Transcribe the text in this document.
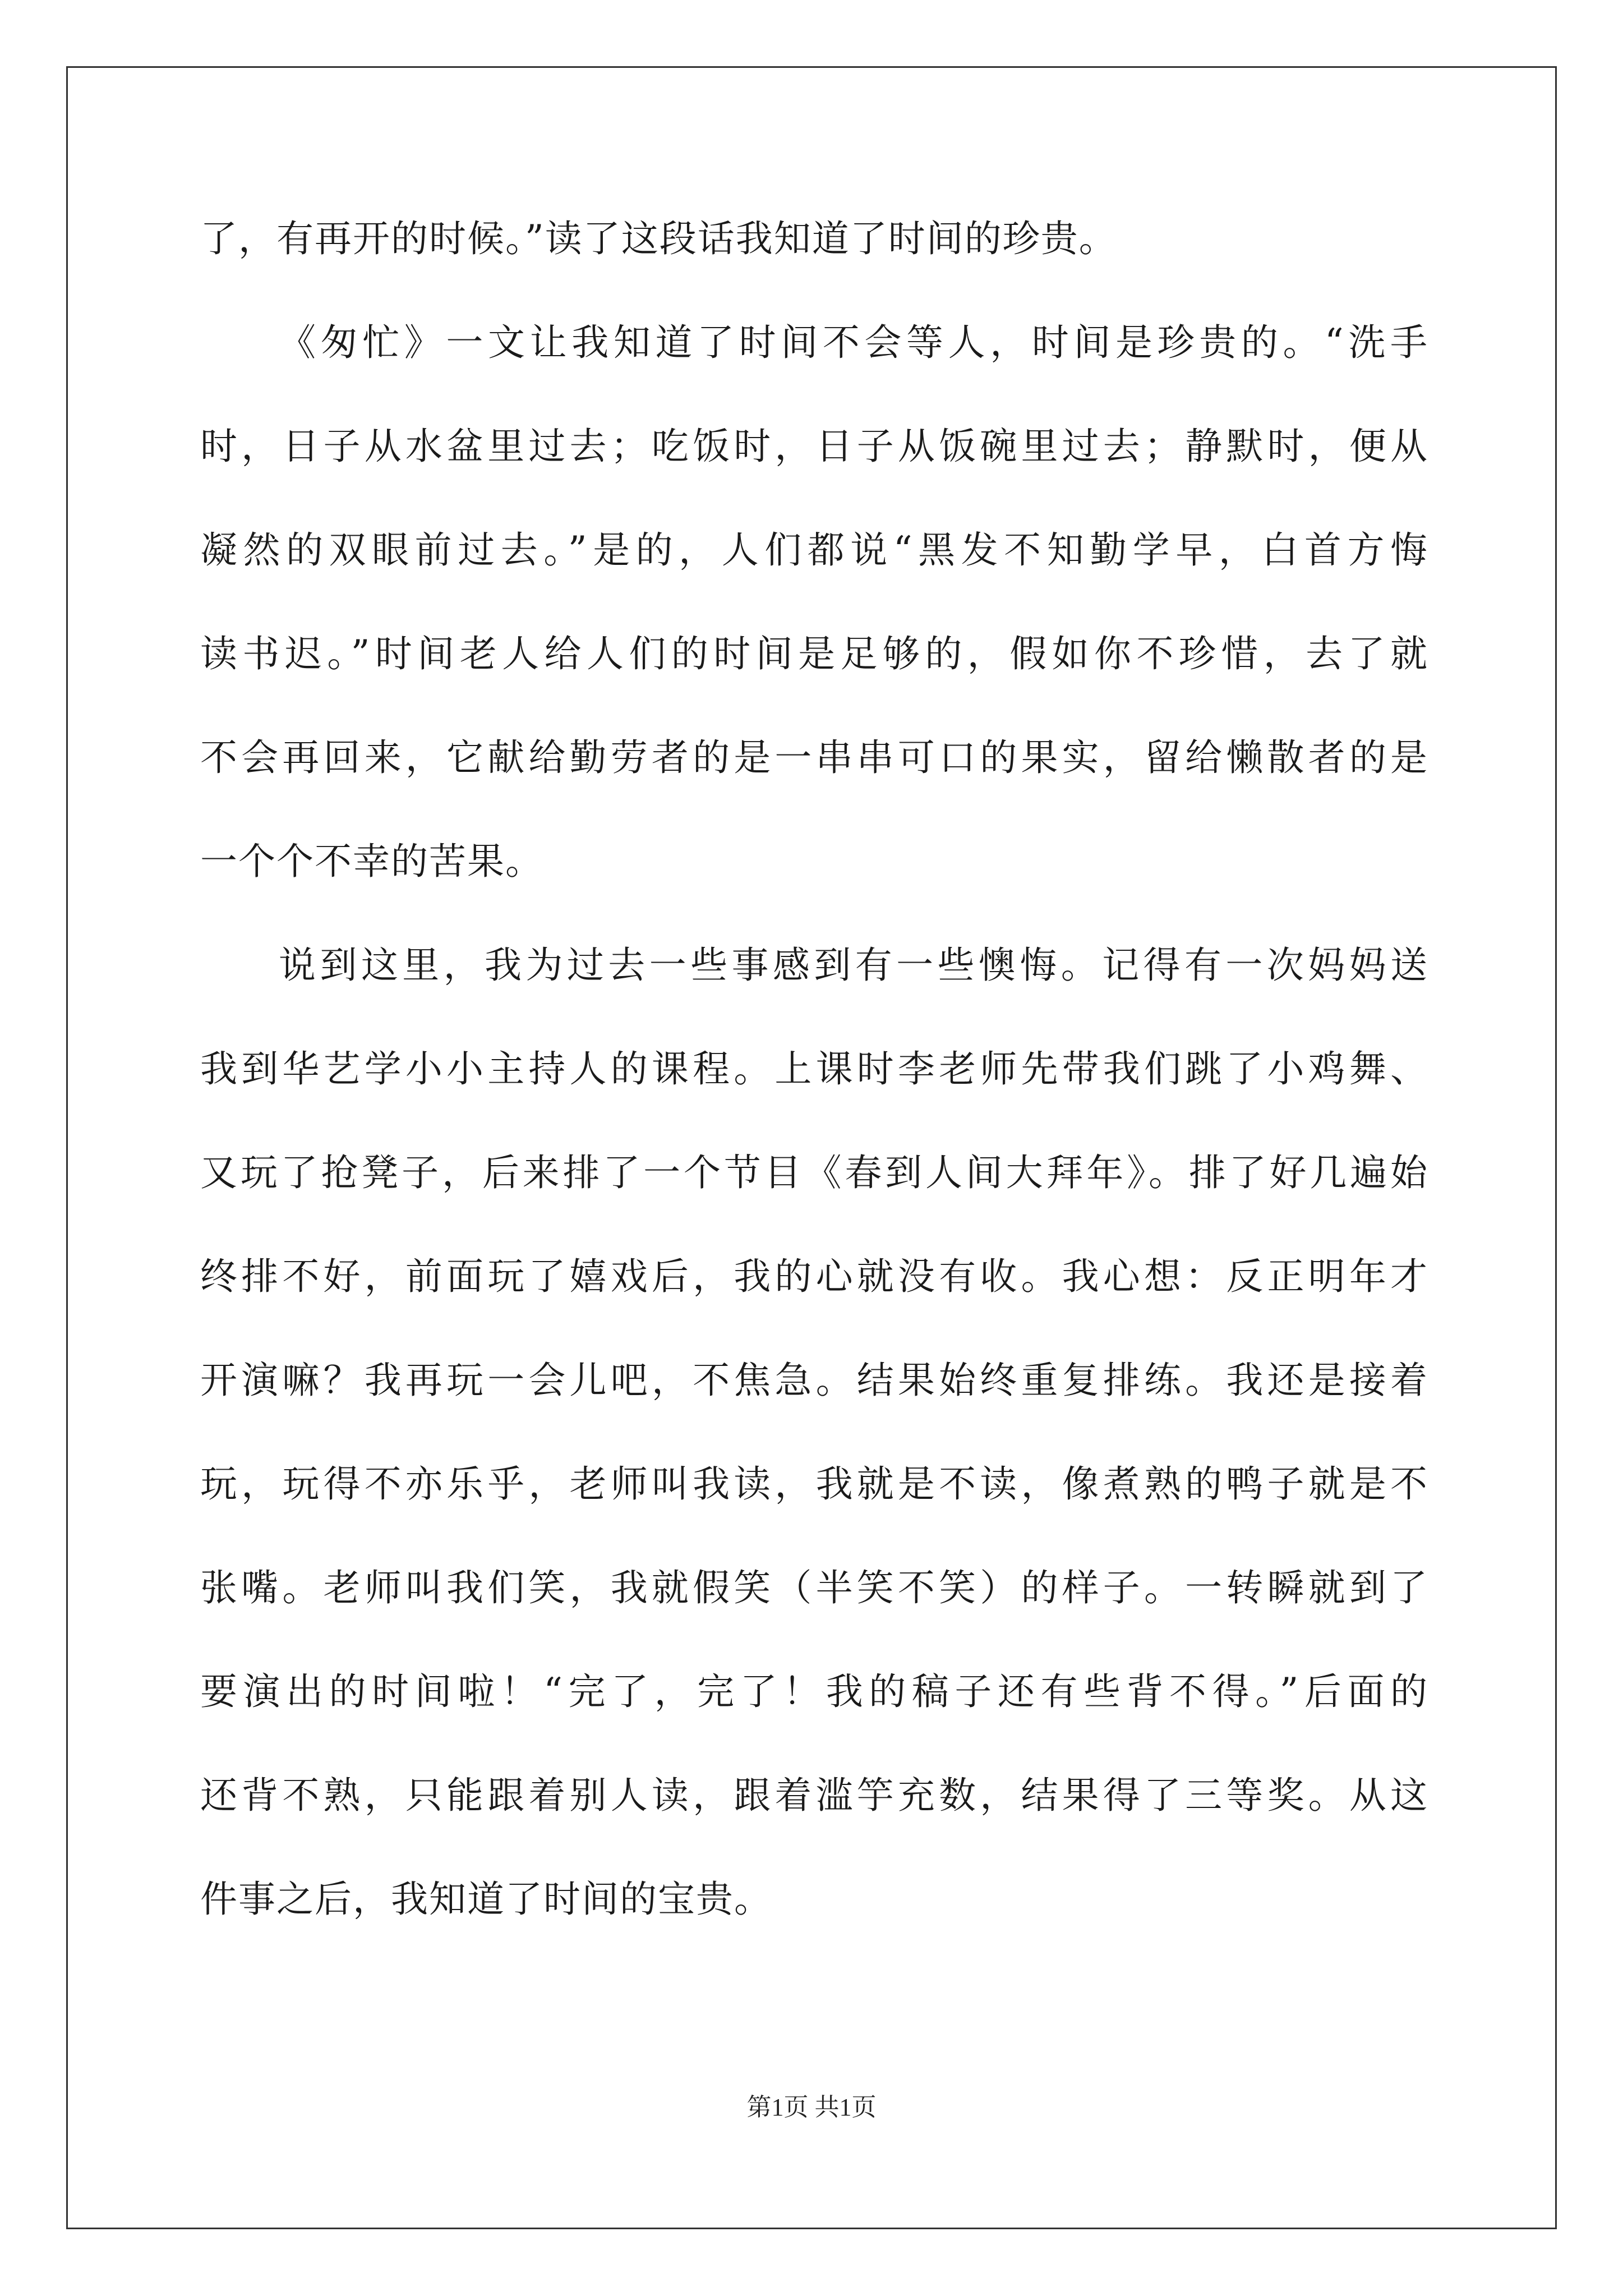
了，有再开的时候。”读了这段话我知道了时间的珍贵。
《匆忙》一文让我知道了时间不会等人，时间是珍贵的。“洗手
时，日子从水盆里过去；吃饭时，日子从饭碗里过去；静默时，便从
凝然的双眼前过去。”是的，人们都说“黑发不知勤学早，白首方悔
读书迟。”时间老人给人们的时间是足够的，假如你不珍惜，去了就
不会再回来，它献给勤劳者的是一串串可口的果实，留给懒散者的是
一个个不幸的苦果。
说到这里，我为过去一些事感到有一些懊悔。记得有一次妈妈送
我到华艺学小小主持人的课程。上课时李老师先带我们跳了小鸡舞、
又玩了抢凳子，后来排了一个节目《春到人间大拜年》。排了好几遍始
终排不好，前面玩了嬉戏后，我的心就没有收。我心想：反正明年才
开演嘛？我再玩一会儿吧，不焦急。结果始终重复排练。我还是接着
玩，玩得不亦乐乎，老师叫我读，我就是不读，像煮熟的鸭子就是不
张嘴。老师叫我们笑，我就假笑（半笑不笑）的样子。一转瞬就到了
要演出的时间啦！“完了，完了！我的稿子还有些背不得。”后面的
还背不熟，只能跟着别人读，跟着滥竽充数，结果得了三等奖。从这
件事之后，我知道了时间的宝贵。
第1页 共1页
